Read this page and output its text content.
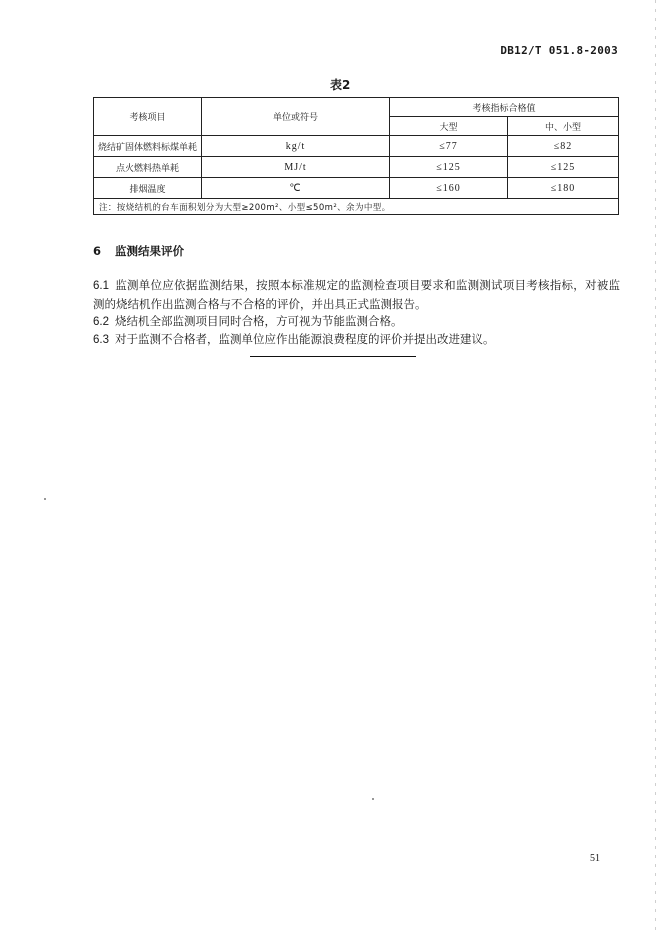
DB12/T 051.8-2003
表2
考核项目	单位或符号	考核指标合格值	
		大型	中、小型
烧结矿固体燃料标煤单耗	kg/t	≤77	≤82
点火燃料热单耗	MJ/t	≤125	≤125
排烟温度	℃	≤160	≤180
注：按烧结机的台车面积划分为大型≥200m²、小型≤50m²、余为中型。			
6 监测结果评价
6.1 监测单位应依据监测结果，按照本标准规定的监测检查项目要求和监测测试项目考核指标，对被监测的烧结机作出监测合格与不合格的评价，并出具正式监测报告。
6.2 烧结机全部监测项目同时合格，方可视为节能监测合格。
6.3 对于监测不合格者，监测单位应作出能源浪费程度的评价并提出改进建议。
51
